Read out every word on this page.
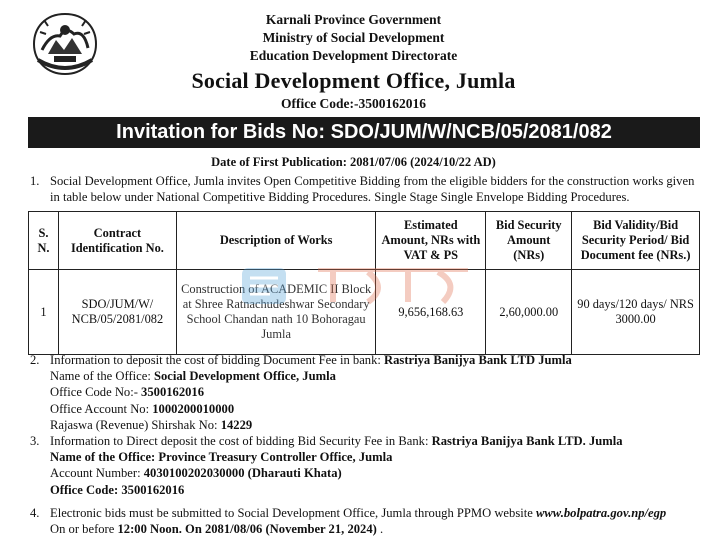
Karnali Province Government
Ministry of Social Development
Education Development Directorate
Social Development Office, Jumla
Office Code:-3500162016
Invitation for Bids No: SDO/JUM/W/NCB/05/2081/082
Date of First Publication: 2081/07/06 (2024/10/22 AD)
1. Social Development Office, Jumla invites Open Competitive Bidding from the eligible bidders for the construction works given in table below under National Competitive Bidding Procedures. Single Stage Single Envelope Bidding Procedures.
S. N.	Contract Identification No.	Description of Works	Estimated Amount, NRs with VAT & PS	Bid Security Amount (NRs)	Bid Validity/Bid Security Period/ Bid Document fee (NRs.)
1	SDO/JUM/W/ NCB/05/2081/082	Construction of ACADEMIC II Block at Shree Ratnachudeshwar Secondary School Chandan nath 10 Bohoragau Jumla	9,656,168.63	2,60,000.00	90 days/120 days/ NRS 3000.00
2. Information to deposit the cost of bidding Document Fee in bank: Rastriya Banijya Bank LTD Jumla
Name of the Office: Social Development Office, Jumla
Office Code No:- 3500162016
Office Account No: 1000200010000
Rajaswa (Revenue) Shirshak No: 14229
3. Information to Direct deposit the cost of bidding Bid Security Fee in Bank: Rastriya Banijya Bank LTD. Jumla
Name of the Office: Province Treasury Controller Office, Jumla
Account Number: 4030100202030000 (Dharauti Khata)
Office Code: 3500162016
4. Electronic bids must be submitted to Social Development Office, Jumla through PPMO website www.bolpatra.gov.np/egp
On or before 12:00 Noon. On 2081/08/06 (November 21, 2024) .
